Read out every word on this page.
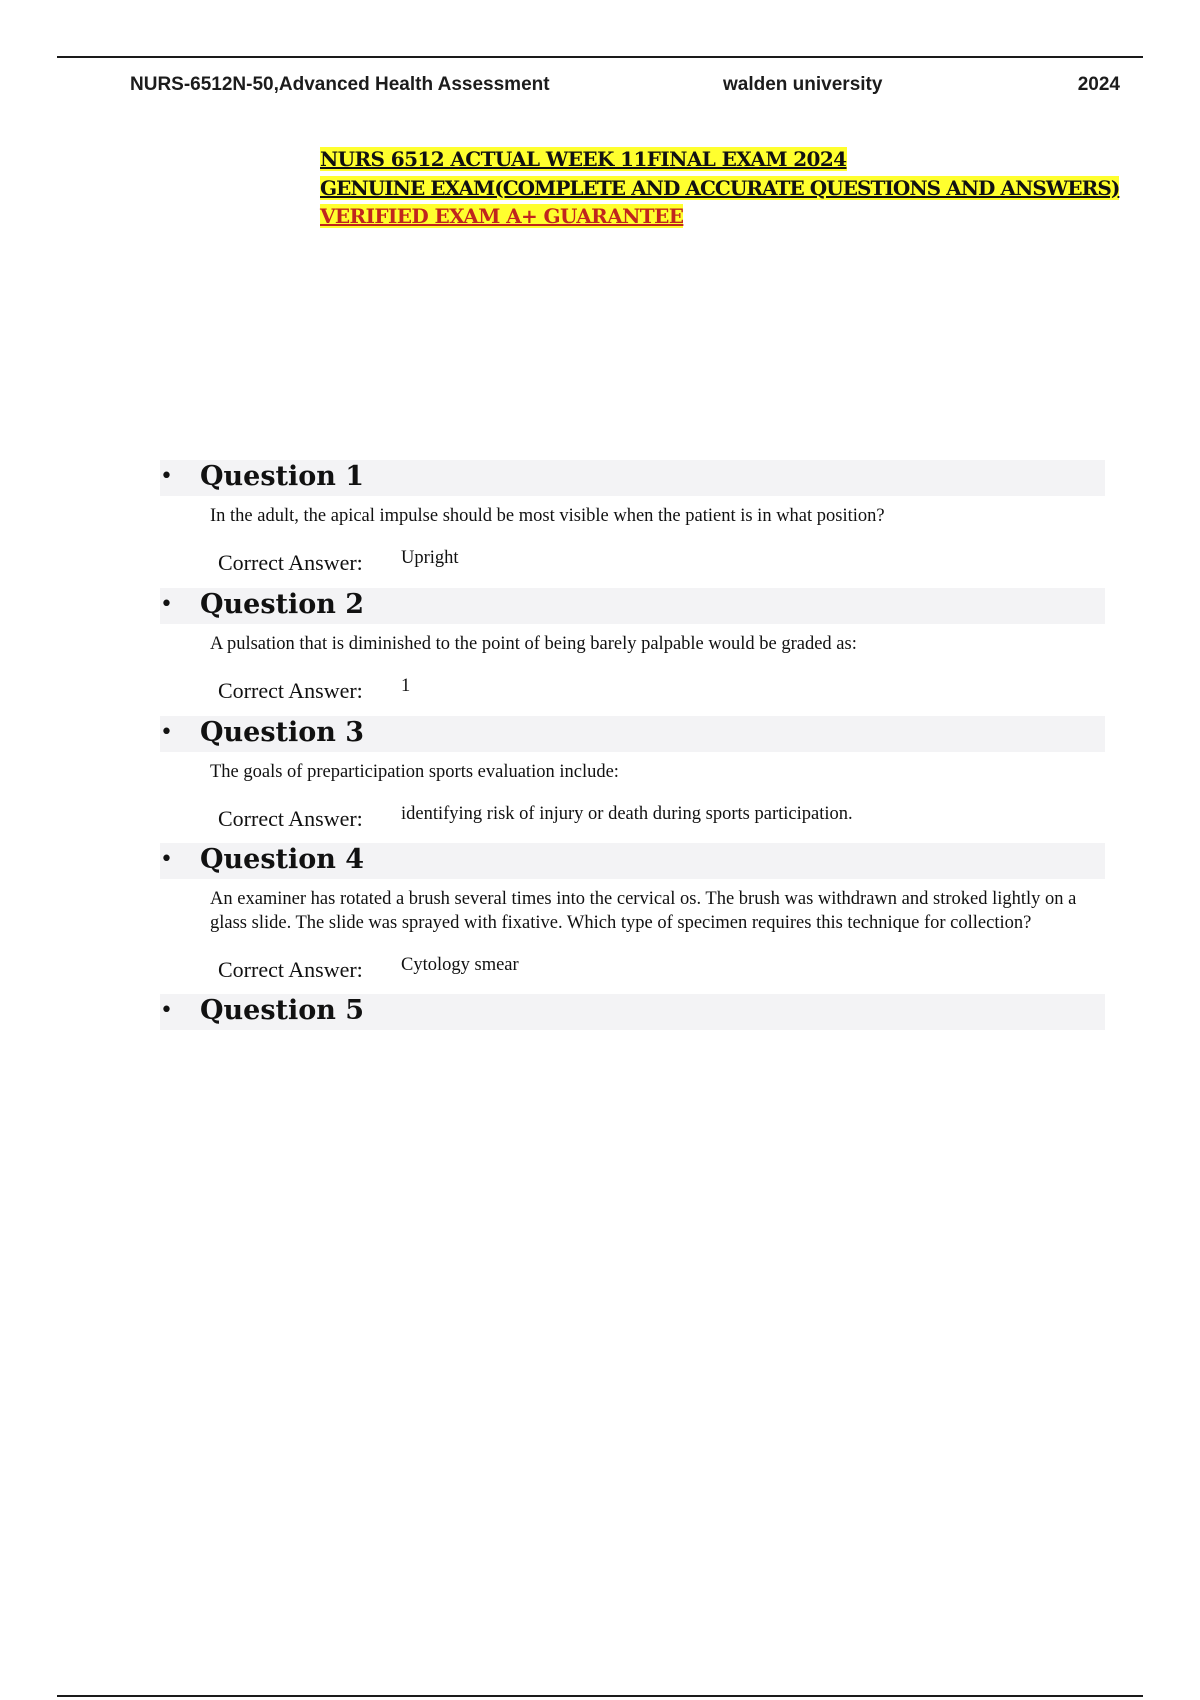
NURS-6512N-50,Advanced Health Assessment	walden university	2024
NURS 6512 ACTUAL WEEK 11FINAL EXAM 2024
GENUINE EXAM(COMPLETE AND ACCURATE QUESTIONS AND ANSWERS)
VERIFIED EXAM A+ GUARANTEE
• Question 1
In the adult, the apical impulse should be most visible when the patient is in what position?
Correct Answer: Upright
• Question 2
A pulsation that is diminished to the point of being barely palpable would be graded as:
Correct Answer: 1
• Question 3
The goals of preparticipation sports evaluation include:
Correct Answer: identifying risk of injury or death during sports participation.
• Question 4
An examiner has rotated a brush several times into the cervical os. The brush was withdrawn and stroked lightly on a glass slide. The slide was sprayed with fixative. Which type of specimen requires this technique for collection?
Correct Answer: Cytology smear
• Question 5
